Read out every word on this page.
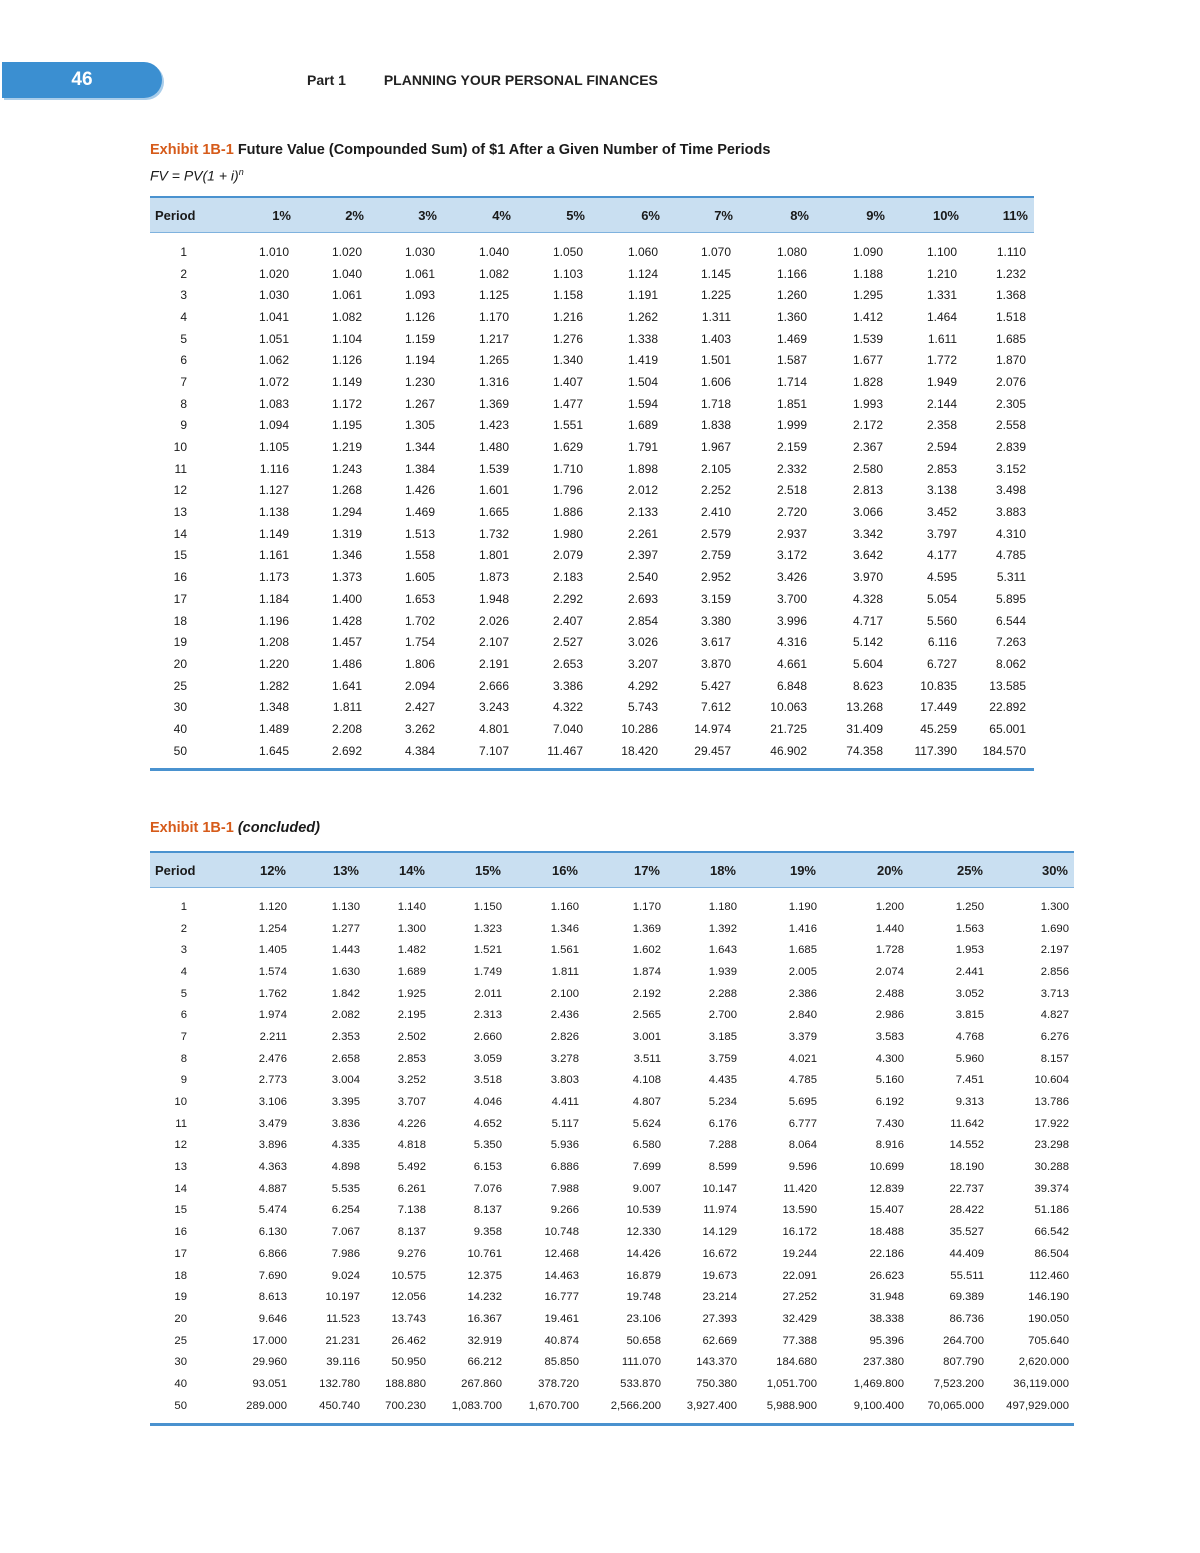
46	Part 1	PLANNING YOUR PERSONAL FINANCES
Exhibit 1B-1 Future Value (Compounded Sum) of $1 After a Given Number of Time Periods
FV = $PV(1 + i)^n$
Period	1%	2%	3%	4%	5%	6%	7%	8%	9%	10%	11%
1	1.010	1.020	1.030	1.040	1.050	1.060	1.070	1.080	1.090	1.100	1.110
2	1.020	1.040	1.061	1.082	1.103	1.124	1.145	1.166	1.188	1.210	1.232
3	1.030	1.061	1.093	1.125	1.158	1.191	1.225	1.260	1.295	1.331	1.368
4	1.041	1.082	1.126	1.170	1.216	1.262	1.311	1.360	1.412	1.464	1.518
5	1.051	1.104	1.159	1.217	1.276	1.338	1.403	1.469	1.539	1.611	1.685
6	1.062	1.126	1.194	1.265	1.340	1.419	1.501	1.587	1.677	1.772	1.870
7	1.072	1.149	1.230	1.316	1.407	1.504	1.606	1.714	1.828	1.949	2.076
8	1.083	1.172	1.267	1.369	1.477	1.594	1.718	1.851	1.993	2.144	2.305
9	1.094	1.195	1.305	1.423	1.551	1.689	1.838	1.999	2.172	2.358	2.558
10	1.105	1.219	1.344	1.480	1.629	1.791	1.967	2.159	2.367	2.594	2.839
11	1.116	1.243	1.384	1.539	1.710	1.898	2.105	2.332	2.580	2.853	3.152
12	1.127	1.268	1.426	1.601	1.796	2.012	2.252	2.518	2.813	3.138	3.498
13	1.138	1.294	1.469	1.665	1.886	2.133	2.410	2.720	3.066	3.452	3.883
14	1.149	1.319	1.513	1.732	1.980	2.261	2.579	2.937	3.342	3.797	4.310
15	1.161	1.346	1.558	1.801	2.079	2.397	2.759	3.172	3.642	4.177	4.785
16	1.173	1.373	1.605	1.873	2.183	2.540	2.952	3.426	3.970	4.595	5.311
17	1.184	1.400	1.653	1.948	2.292	2.693	3.159	3.700	4.328	5.054	5.895
18	1.196	1.428	1.702	2.026	2.407	2.854	3.380	3.996	4.717	5.560	6.544
19	1.208	1.457	1.754	2.107	2.527	3.026	3.617	4.316	5.142	6.116	7.263
20	1.220	1.486	1.806	2.191	2.653	3.207	3.870	4.661	5.604	6.727	8.062
25	1.282	1.641	2.094	2.666	3.386	4.292	5.427	6.848	8.623	10.835	13.585
30	1.348	1.811	2.427	3.243	4.322	5.743	7.612	10.063	13.268	17.449	22.892
40	1.489	2.208	3.262	4.801	7.040	10.286	14.974	21.725	31.409	45.259	65.001
50	1.645	2.692	4.384	7.107	11.467	18.420	29.457	46.902	74.358	117.390	184.570
Exhibit 1B-1 (concluded)
Period	12%	13%	14%	15%	16%	17%	18%	19%	20%	25%	30%
1	1.120	1.130	1.140	1.150	1.160	1.170	1.180	1.190	1.200	1.250	1.300
2	1.254	1.277	1.300	1.323	1.346	1.369	1.392	1.416	1.440	1.563	1.690
3	1.405	1.443	1.482	1.521	1.561	1.602	1.643	1.685	1.728	1.953	2.197
4	1.574	1.630	1.689	1.749	1.811	1.874	1.939	2.005	2.074	2.441	2.856
5	1.762	1.842	1.925	2.011	2.100	2.192	2.288	2.386	2.488	3.052	3.713
6	1.974	2.082	2.195	2.313	2.436	2.565	2.700	2.840	2.986	3.815	4.827
7	2.211	2.353	2.502	2.660	2.826	3.001	3.185	3.379	3.583	4.768	6.276
8	2.476	2.658	2.853	3.059	3.278	3.511	3.759	4.021	4.300	5.960	8.157
9	2.773	3.004	3.252	3.518	3.803	4.108	4.435	4.785	5.160	7.451	10.604
10	3.106	3.395	3.707	4.046	4.411	4.807	5.234	5.695	6.192	9.313	13.786
11	3.479	3.836	4.226	4.652	5.117	5.624	6.176	6.777	7.430	11.642	17.922
12	3.896	4.335	4.818	5.350	5.936	6.580	7.288	8.064	8.916	14.552	23.298
13	4.363	4.898	5.492	6.153	6.886	7.699	8.599	9.596	10.699	18.190	30.288
14	4.887	5.535	6.261	7.076	7.988	9.007	10.147	11.420	12.839	22.737	39.374
15	5.474	6.254	7.138	8.137	9.266	10.539	11.974	13.590	15.407	28.422	51.186
16	6.130	7.067	8.137	9.358	10.748	12.330	14.129	16.172	18.488	35.527	66.542
17	6.866	7.986	9.276	10.761	12.468	14.426	16.672	19.244	22.186	44.409	86.504
18	7.690	9.024	10.575	12.375	14.463	16.879	19.673	22.091	26.623	55.511	112.460
19	8.613	10.197	12.056	14.232	16.777	19.748	23.214	27.252	31.948	69.389	146.190
20	9.646	11.523	13.743	16.367	19.461	23.106	27.393	32.429	38.338	86.736	190.050
25	17.000	21.231	26.462	32.919	40.874	50.658	62.669	77.388	95.396	264.700	705.640
30	29.960	39.116	50.950	66.212	85.850	111.070	143.370	184.680	237.380	807.790	2,620.000
40	93.051	132.780	188.880	267.860	378.720	533.870	750.380	1,051.700	1,469.800	7,523.200	36,119.000
50	289.000	450.740	700.230	1,083.700	1,670.700	2,566.200	3,927.400	5,988.900	9,100.400	70,065.000	497,929.000
